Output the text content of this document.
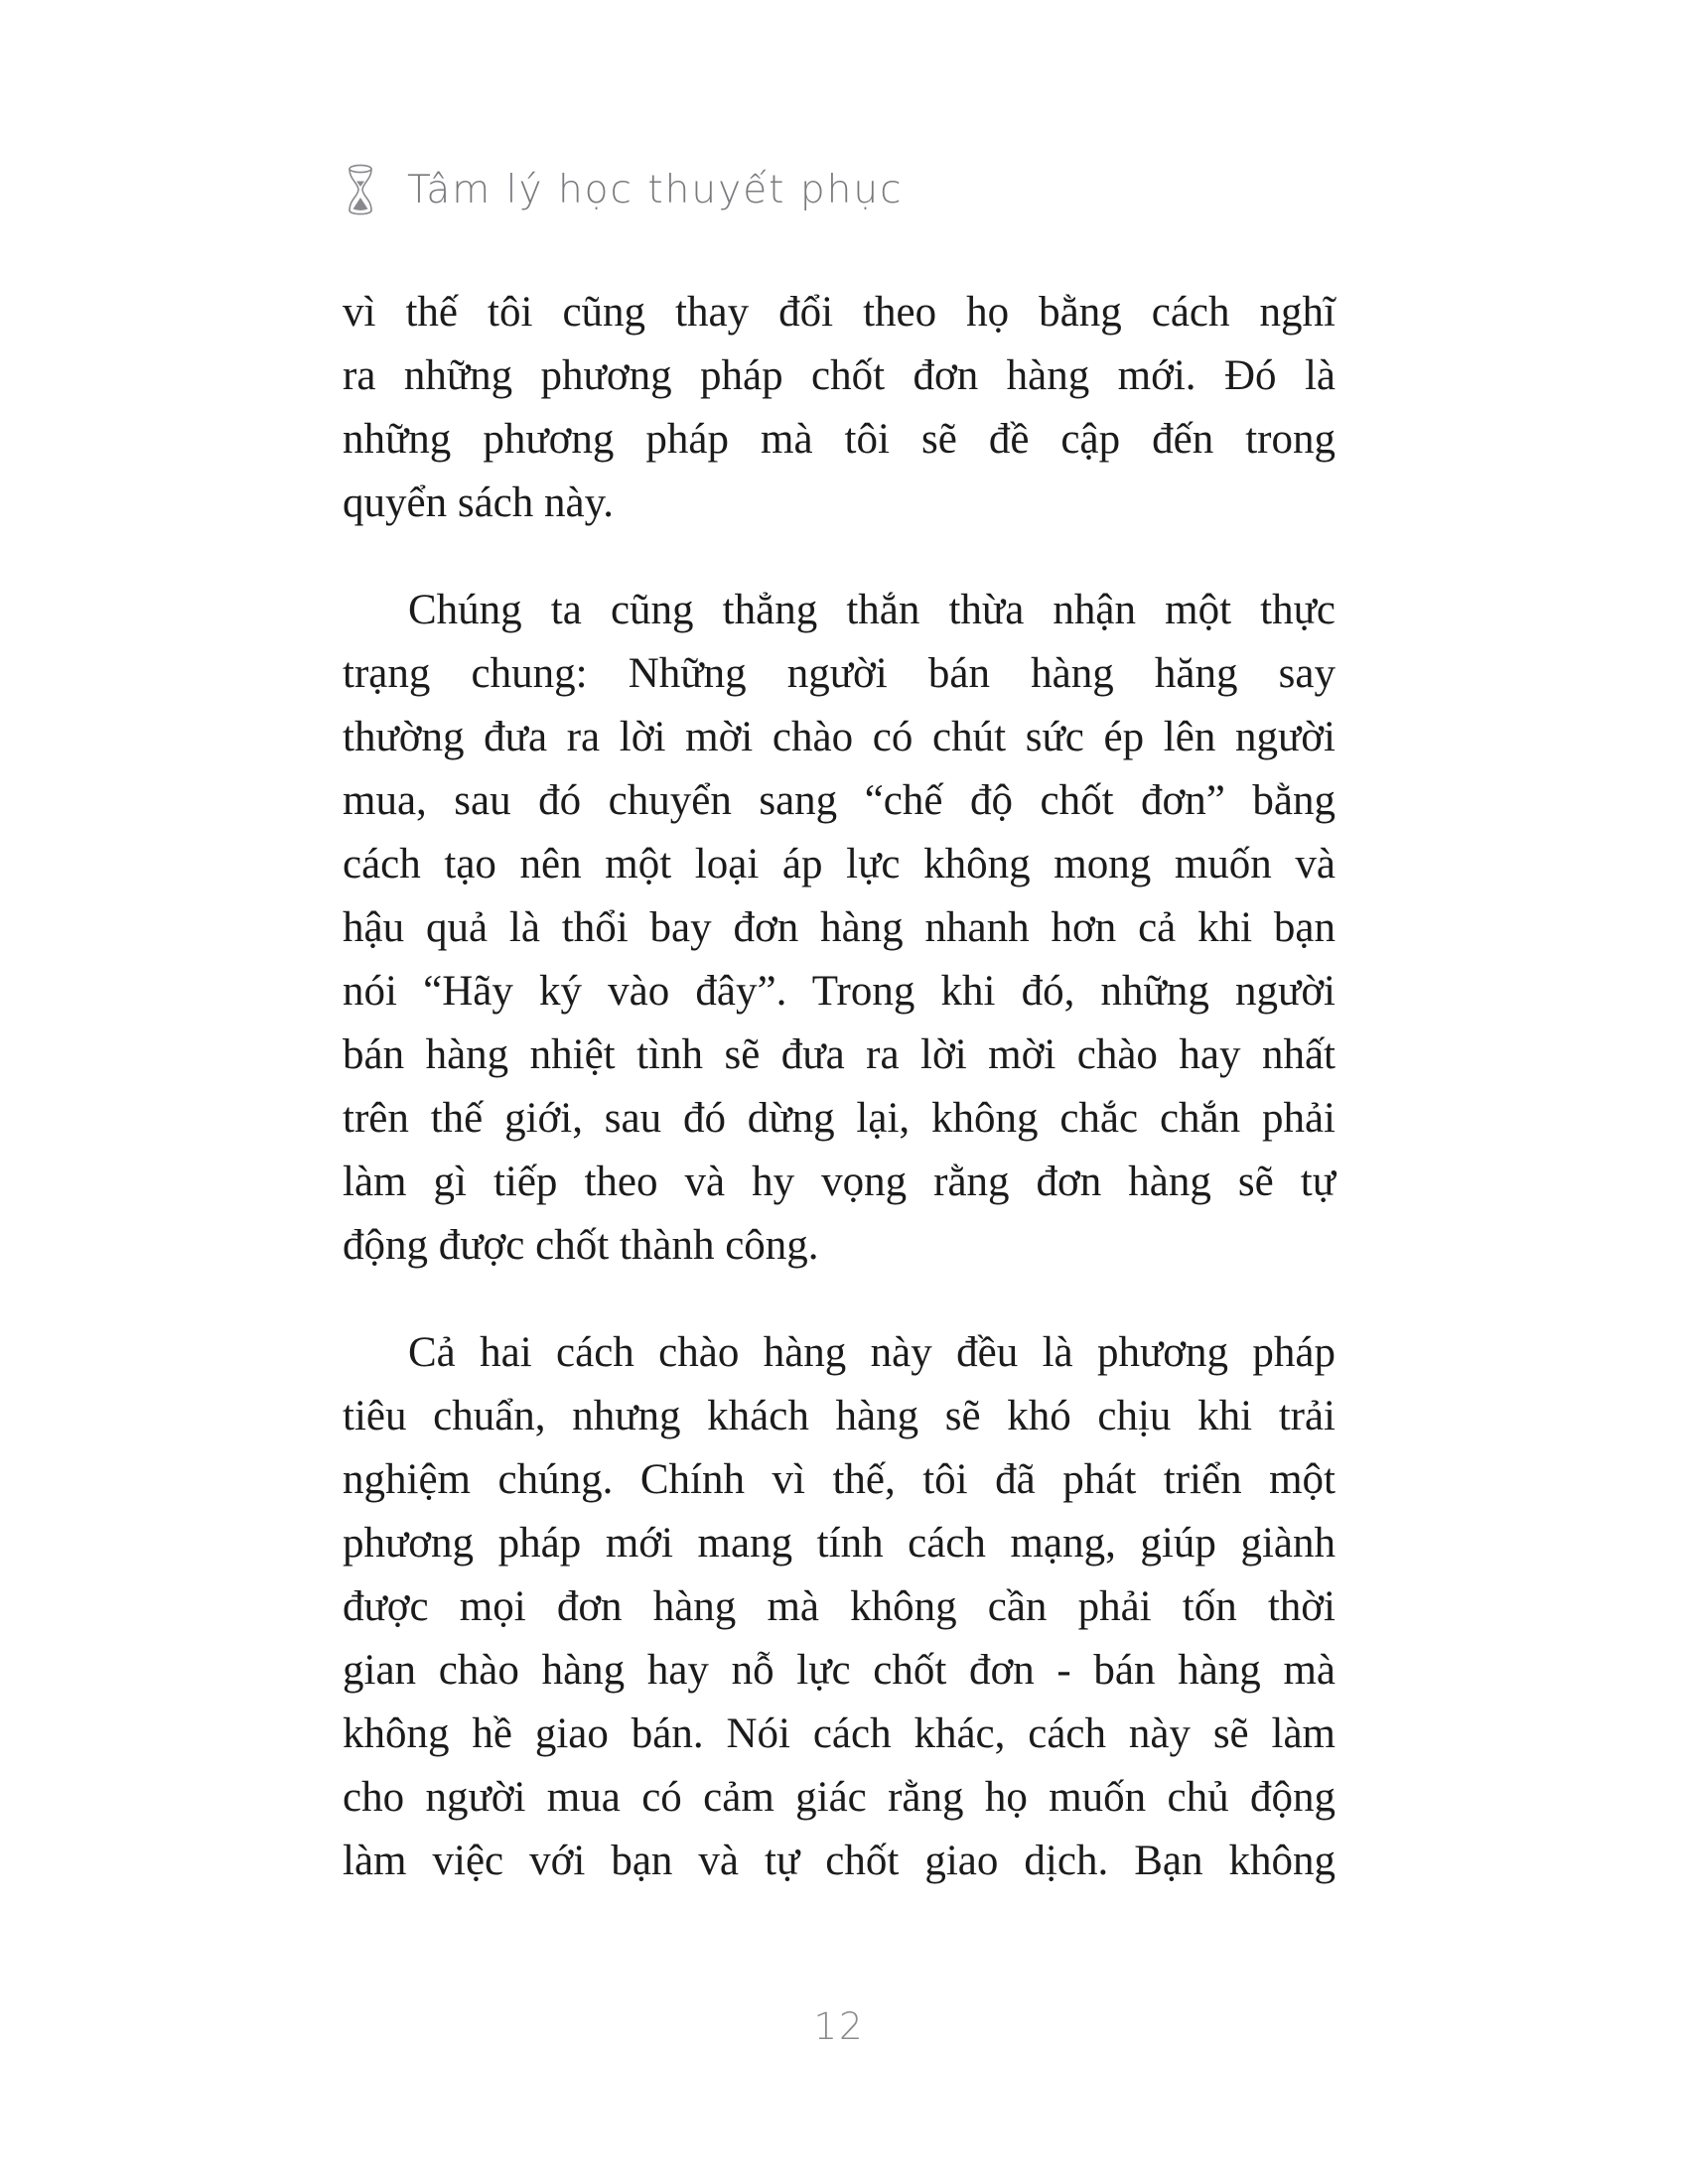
Tâm lý học thuyết phục
vì thế tôi cũng thay đổi theo họ bằng cách nghĩ
ra những phương pháp chốt đơn hàng mới. Đó là
những phương pháp mà tôi sẽ đề cập đến trong
quyển sách này.
Chúng ta cũng thẳng thắn thừa nhận một thực
trạng chung: Những người bán hàng hăng say
thường đưa ra lời mời chào có chút sức ép lên người
mua, sau đó chuyển sang “chế độ chốt đơn” bằng
cách tạo nên một loại áp lực không mong muốn và
hậu quả là thổi bay đơn hàng nhanh hơn cả khi bạn
nói “Hãy ký vào đây”. Trong khi đó, những người
bán hàng nhiệt tình sẽ đưa ra lời mời chào hay nhất
trên thế giới, sau đó dừng lại, không chắc chắn phải
làm gì tiếp theo và hy vọng rằng đơn hàng sẽ tự
động được chốt thành công.
Cả hai cách chào hàng này đều là phương pháp
tiêu chuẩn, nhưng khách hàng sẽ khó chịu khi trải
nghiệm chúng. Chính vì thế, tôi đã phát triển một
phương pháp mới mang tính cách mạng, giúp giành
được mọi đơn hàng mà không cần phải tốn thời
gian chào hàng hay nỗ lực chốt đơn - bán hàng mà
không hề giao bán. Nói cách khác, cách này sẽ làm
cho người mua có cảm giác rằng họ muốn chủ động
làm việc với bạn và tự chốt giao dịch. Bạn không
12
